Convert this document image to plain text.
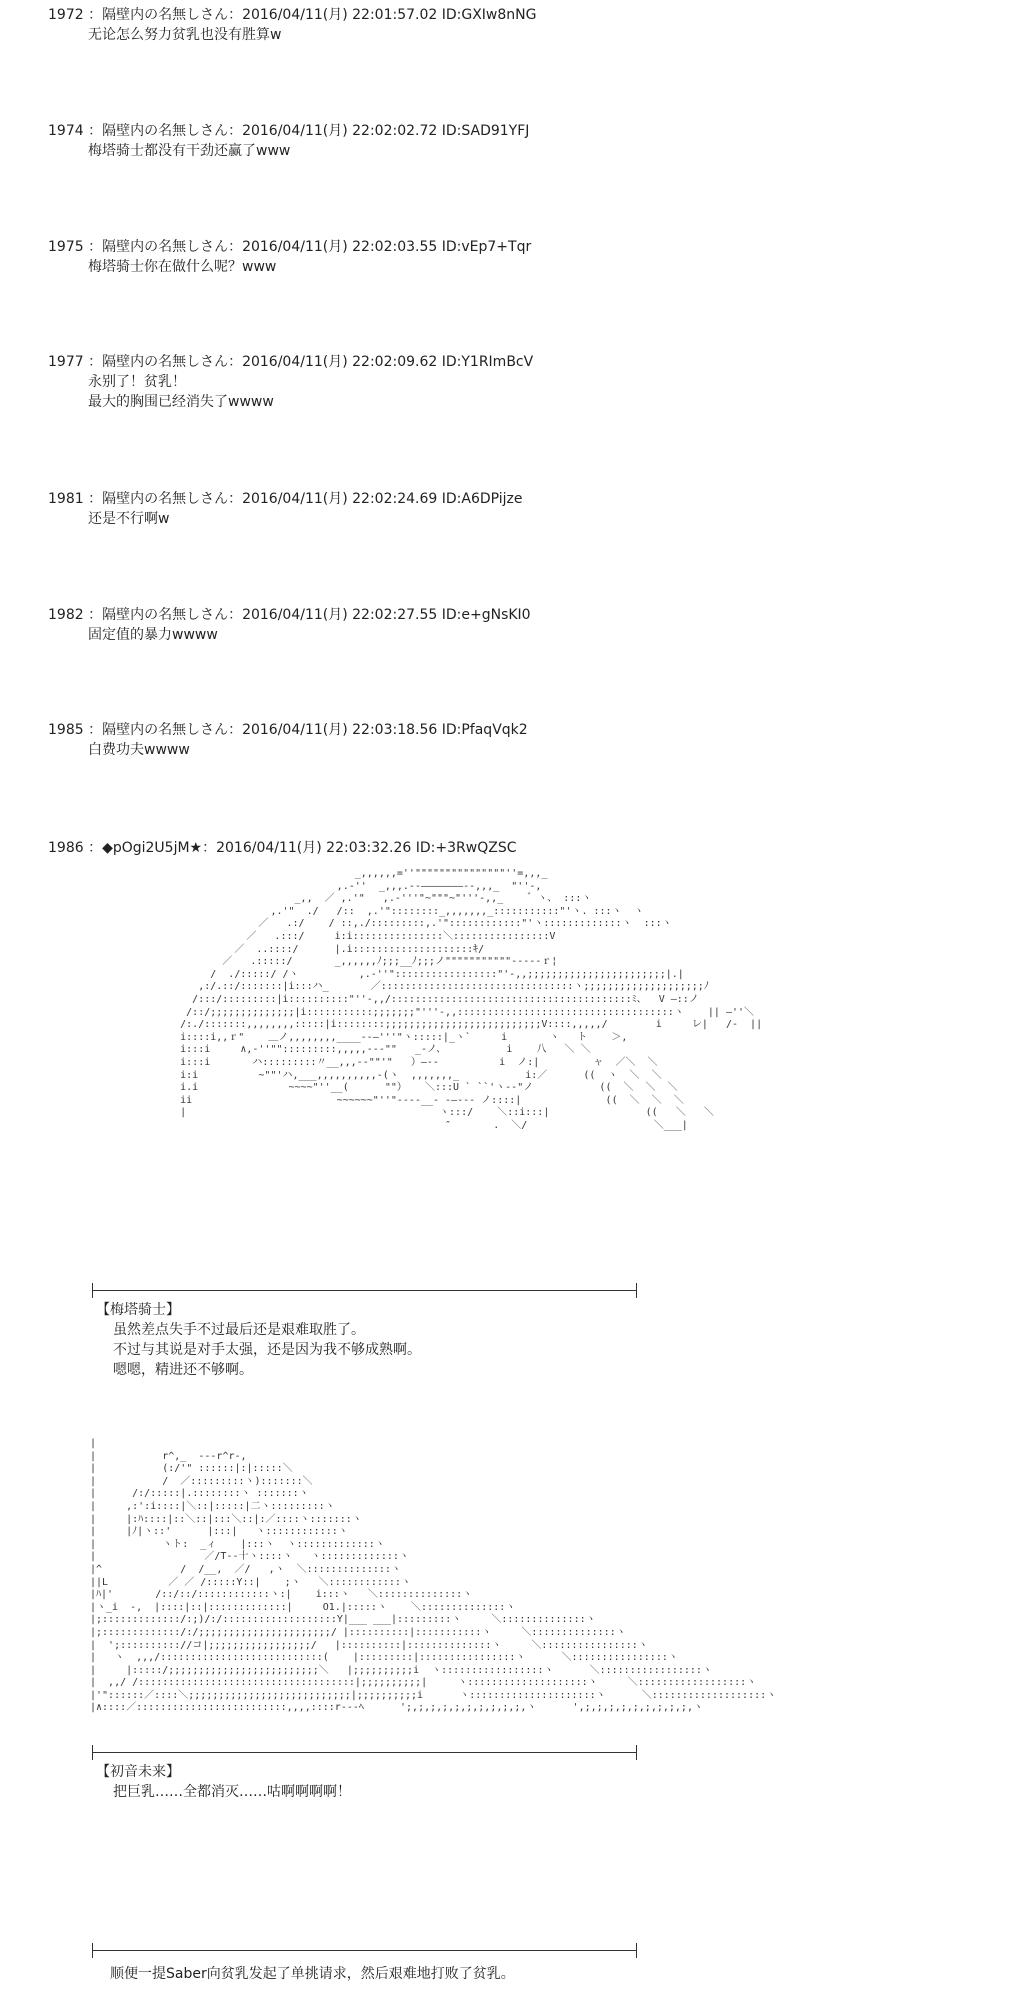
1972 ：隔壁内の名無しさん：2016/04/11(月) 22:01:57.02 ID:GXIw8nNG
无论怎么努力贫乳也没有胜算w
1974 ：隔壁内の名無しさん：2016/04/11(月) 22:02:02.72 ID:SAD91YFJ
梅塔骑士都没有干劲还赢了www
1975 ：隔壁内の名無しさん：2016/04/11(月) 22:02:03.55 ID:vEp7+Tqr
梅塔骑士你在做什么呢？www
1977 ：隔壁内の名無しさん：2016/04/11(月) 22:02:09.62 ID:Y1RImBcV
永别了！贫乳！
最大的胸围已经消失了wwww
1981 ：隔壁内の名無しさん：2016/04/11(月) 22:02:24.69 ID:A6DPijze
还是不行啊w
1982 ：隔壁内の名無しさん：2016/04/11(月) 22:02:27.55 ID:e+gNsKI0
固定值的暴力wwww
1985 ：隔壁内の名無しさん：2016/04/11(月) 22:03:18.56 ID:PfaqVqk2
白费功夫wwww
1986 ：◆pOgi2U5jM★：2016/04/11(月) 22:03:32.26 ID:+3RwQZSC
_,,,,,,=''"""""""""""""""''=,,,_
,.-''  _,,,.--―――――――--,,,_  "''-,
_,,  ／ ,.'"   ,.-'''"~"""~"'''-,,_    ゛ヽ、 :::ヽ
,.'"  ./   /::  ,.'"::::::::_,,,,,,,_:::::::::::"'ヽ. :::ヽ  ヽ
／   .:/    / ::,./:::::::::,.'"::::::::::::"'ヽ:::::::::::::ヽ  :::ヽ
／   .:::/     i:i:::::::::::::::＼::::::::::::::::V
／  ..::::/      |.i::::::::::::::::::::ｷ/
／   .:::::/       _,,,,,,ﾉ;;;__ﾉ;;;ノ"""""""""""-----ｒ¦
/  ./:::::/ /ヽ          ,.-''":::::::::::::::::"'-,,;;;;;;;;;;;;;;;;;;;;;;;|.|
,:/.::/:::::::|i:::ハ_       ／::::::::::::::::::::::::::::::::ヽ;;;;;;;;;;;;;;;;;;;;ﾉ
/:::/:::::::::|i::::::::::"''-,,/::::::::::::::::::::::::::::::::::::::::ﾐ、  V ―::ノ
/::/;;;;;;;;;;;;;;|i:::::::::::;;;;;;;"'''-,,::::::::::::::::::::::::::::::::::::ヽ    || ―''＼
/:./:::::::,,,,,,,,:::::|i::::::::;;;;;;;;;;;;;;;;;;;;;;;;;;V::::,,,,,/        i     レ|   /-  ||
i::::i,,ｒ"    ＿ノ,,,,,,,,____--―'''"ヽ:::::|_ヽ`     i       ヽ   ト    ＞,
i:::i     ∧,-''"":::::::::,,,,,---""   _-ノ、          i    八   ＼ ＼
i:::i       ハ:::::::::〃__,,,--""'"   ）―--          i  ノ:|         ャ  ／＼  ＼
i:i          ~""'ハ,___,,,,,,,,,,-(ヽ  ,,,,,,,_           i:／      ((  ヽ  ＼  ＼
i.i               ~~~~"''__(      ""）   ＼:::U ` ``'ヽ--"ノ           ((  ＼  ＼  ＼
ii                        ~~~~~~"''"----__- -―--‐ ノ::::|              ((  ＼  ＼  ＼
|                                          ヽ:::/    ＼::i:::|                ((   ＼   ＼
″       .  ＼/                     ＼___|

【梅塔骑士】
虽然差点失手不过最后还是艰难取胜了。
不过与其说是对手太强，还是因为我不够成熟啊。
嗯嗯，精进还不够啊。
|
|           r^,_  ---r^r-,
|           (:/'" ::::::|:|:::::＼
|           /  ／:::::::::ヽ):::::::＼
|      /:/:::::|.::::::::ヽ :::::::ヽ
|     ,:':i::::|＼::|:::::|二ヽ:::::::::ヽ
|     |:ﾊ::::|::＼::|:::＼::|:／::::ヽ:::::::ヽ
|     |ﾉ|ヽ::'      |:::|   ヽ::::::::::::ヽ
|           ヽト:  _ィ    |:::ヽ  ヽ:::::::::::::ヽ
|                  ／/T--十ヽ::::ヽ   ヽ:::::::::::::ヽ
|^             /  /__,  ／/   ,ヽ  ＼::::::::::::::ヽ
||L          ／ ／ /:::::Y::|    ;ヽ   ＼::::::::::::ヽ
|ﾊ|'       /::/::/::::::::::::ヽ:|    i:::ヽ   ＼::::::::::::::ヽ
|ヽ_i  -,  |::::|::|:::::::::::::|     O1.|:::::ヽ    ＼::::::::::::::ヽ
|;:::::::::::::/:;)/:/:::::::::::::::::::Y|___ ___|:::::::::ヽ     ＼::::::::::::::ヽ
|;:::::::::::::/:/;;;;;;;;;;;;;;;;;;;;;;/ |::::::::::|:::::::::::ヽ     ＼::::::::::::::ヽ
|  ';:::::::::://コ|;;;;;;;;;;;;;;;;;/   |::::::::::|::::::::::::::ヽ     ＼::::::::::::::::ヽ
|   ヽ  ,,,/:::::::::::::::::::::::::::(    |:::::::::|::::::::::::::::ヽ      ＼::::::::::::::::ヽ
|     |:::::/;;;;;;;;;;;;;;;;;;;;;;;;;＼   |;;;;;;;;;;i  ヽ:::::::::::::::::ヽ      ＼:::::::::::::::::ヽ
|  ,,/ /::::::::::::::::::::::::::::::::::::|;;;;;;;;;;|     ヽ::::::::::::::::::::ヽ     ＼::::::::::::::::::ヽ
|'"::::::／::::＼;;;;;;;;;;;;;;;;;;;;;;;;;;;|;;;;;;;;;;i      ヽ:::::::::::::::::::::ヽ      ＼:::::::::::::::::::ヽ
|∧::::／:::::::::::::::::::::::::,,,,::::r---ﾍ      ';,;,;,;,;,;,;,;,;,;,ヽ      ',;,;,;,;,;,;,;,;,;,ヽ

【初音未来】
把巨乳……全都消灭……咕啊啊啊啊！
顺便一提Saber向贫乳发起了单挑请求，然后艰难地打败了贫乳。
